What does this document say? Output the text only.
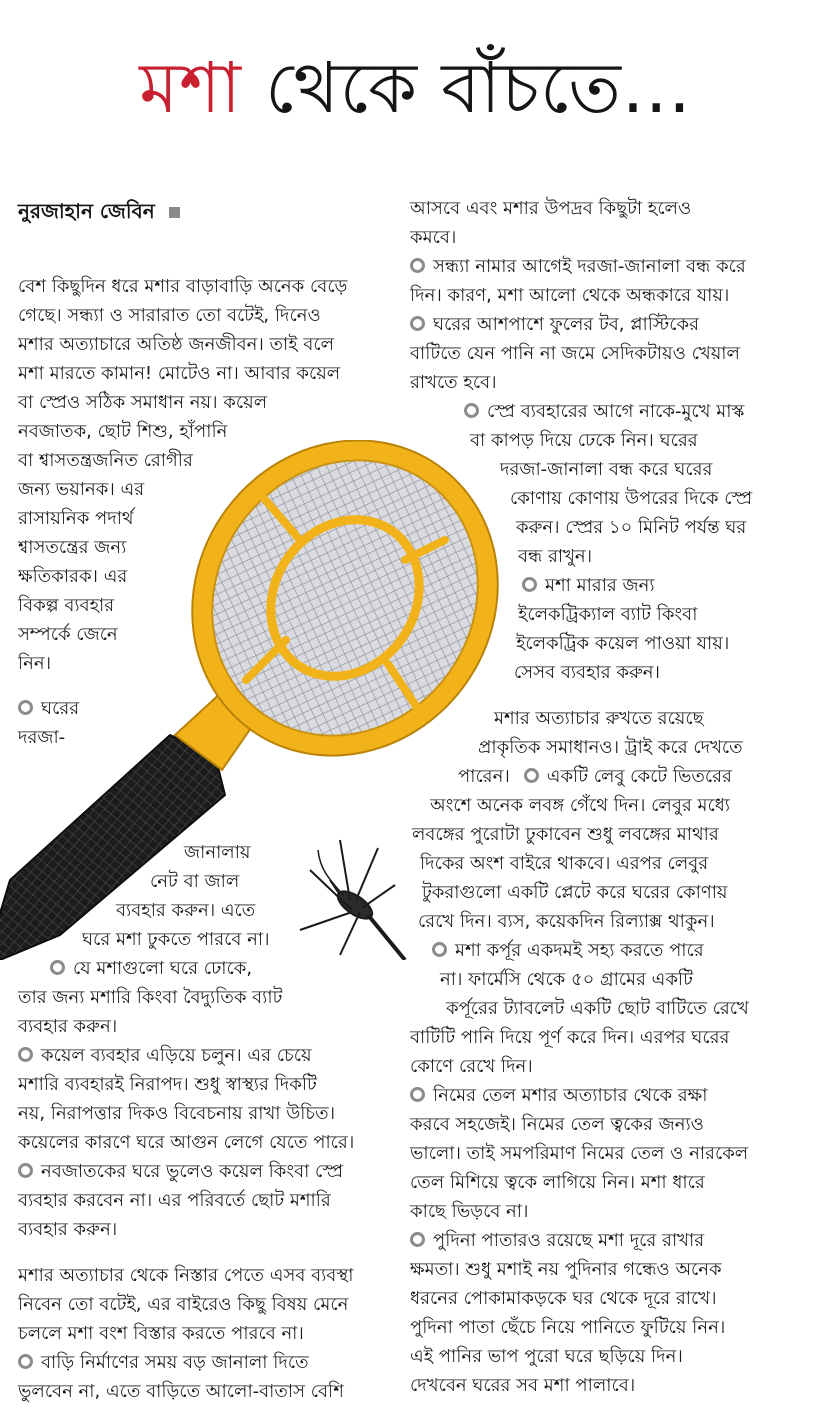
মশা থেকে বাঁচতে...
নুরজাহান জেবিন
বেশ কিছুদিন ধরে মশার বাড়াবাড়ি অনেক বেড়ে
গেছে। সন্ধ্যা ও সারারাত তো বটেই, দিনেও
মশার অত্যাচারে অতিষ্ঠ জনজীবন। তাই বলে
মশা মারতে কামান! মোটেও না। আবার কয়েল
বা স্প্রেও সঠিক সমাধান নয়। কয়েল
নবজাতক, ছোট শিশু, হাঁপানি
বা শ্বাসতন্ত্রজনিত রোগীর
জন্য ভয়ানক। এর
রাসায়নিক পদার্থ
শ্বাসতন্ত্রের জন্য
ক্ষতিকারক। এর
বিকল্প ব্যবহার
সম্পর্কে জেনে
নিন।
ঘরের
দরজা-
জানালায়
নেট বা জাল
ব্যবহার করুন। এতে
ঘরে মশা ঢুকতে পারবে না।
যে মশাগুলো ঘরে ঢোকে,
তার জন্য মশারি কিংবা বৈদ্যুতিক ব্যাট
ব্যবহার করুন।
কয়েল ব্যবহার এড়িয়ে চলুন। এর চেয়ে
মশারি ব্যবহারই নিরাপদ। শুধু স্বাস্থ্যর দিকটি
নয়, নিরাপত্তার দিকও বিবেচনায় রাখা উচিত।
কয়েলের কারণে ঘরে আগুন লেগে যেতে পারে।
নবজাতকের ঘরে ভুলেও কয়েল কিংবা স্প্রে
ব্যবহার করবেন না। এর পরিবর্তে ছোট মশারি
ব্যবহার করুন।
মশার অত্যাচার থেকে নিস্তার পেতে এসব ব্যবস্থা
নিবেন তো বটেই, এর বাইরেও কিছু বিষয় মেনে
চললে মশা বংশ বিস্তার করতে পারবে না।
বাড়ি নির্মাণের সময় বড় জানালা দিতে
ভুলবেন না, এতে বাড়িতে আলো-বাতাস বেশি
আসবে এবং মশার উপদ্রব কিছুটা হলেও
কমবে।
সন্ধ্যা নামার আগেই দরজা-জানালা বন্ধ করে
দিন। কারণ, মশা আলো থেকে অন্ধকারে যায়।
ঘরের আশপাশে ফুলের টব, প্লাস্টিকের
বাটিতে যেন পানি না জমে সেদিকটায়ও খেয়াল
রাখতে হবে।
স্প্রে ব্যবহারের আগে নাকে-মুখে মাস্ক
বা কাপড় দিয়ে ঢেকে নিন। ঘরের
দরজা-জানালা বন্ধ করে ঘরের
কোণায় কোণায় উপরের দিকে স্প্রে
করুন। স্প্রের ১০ মিনিট পর্যন্ত ঘর
বন্ধ রাখুন।
মশা মারার জন্য
ইলেকট্রিক্যাল ব্যাট কিংবা
ইলেকট্রিক কয়েল পাওয়া যায়।
সেসব ব্যবহার করুন।
মশার অত্যাচার রুখতে রয়েছে
প্রাকৃতিক সমাধানও। ট্রাই করে দেখতে
পারেন। একটি লেবু কেটে ভিতরের
অংশে অনেক লবঙ্গ গেঁথে দিন। লেবুর মধ্যে
লবঙ্গের পুরোটা ঢুকাবেন শুধু লবঙ্গের মাথার
দিকের অংশ বাইরে থাকবে। এরপর লেবুর
টুকরাগুলো একটি প্লেটে করে ঘরের কোণায়
রেখে দিন। ব্যস, কয়েকদিন রিল্যাক্স থাকুন।
মশা কর্পূর একদমই সহ্য করতে পারে
না। ফার্মেসি থেকে ৫০ গ্রামের একটি
কর্পূরের ট্যাবলেট একটি ছোট বাটিতে রেখে
বাটিটি পানি দিয়ে পূর্ণ করে দিন। এরপর ঘরের
কোণে রেখে দিন।
নিমের তেল মশার অত্যাচার থেকে রক্ষা
করবে সহজেই। নিমের তেল ত্বকের জন্যও
ভালো। তাই সমপরিমাণ নিমের তেল ও নারকেল
তেল মিশিয়ে ত্বকে লাগিয়ে নিন। মশা ধারে
কাছে ভিড়বে না।
পুদিনা পাতারও রয়েছে মশা দূরে রাখার
ক্ষমতা। শুধু মশাই নয় পুদিনার গন্ধেও অনেক
ধরনের পোকামাকড়কে ঘর থেকে দূরে রাখে।
পুদিনা পাতা ছেঁচে নিয়ে পানিতে ফুটিয়ে নিন।
এই পানির ভাপ পুরো ঘরে ছড়িয়ে দিন।
দেখবেন ঘরের সব মশা পালাবে।
